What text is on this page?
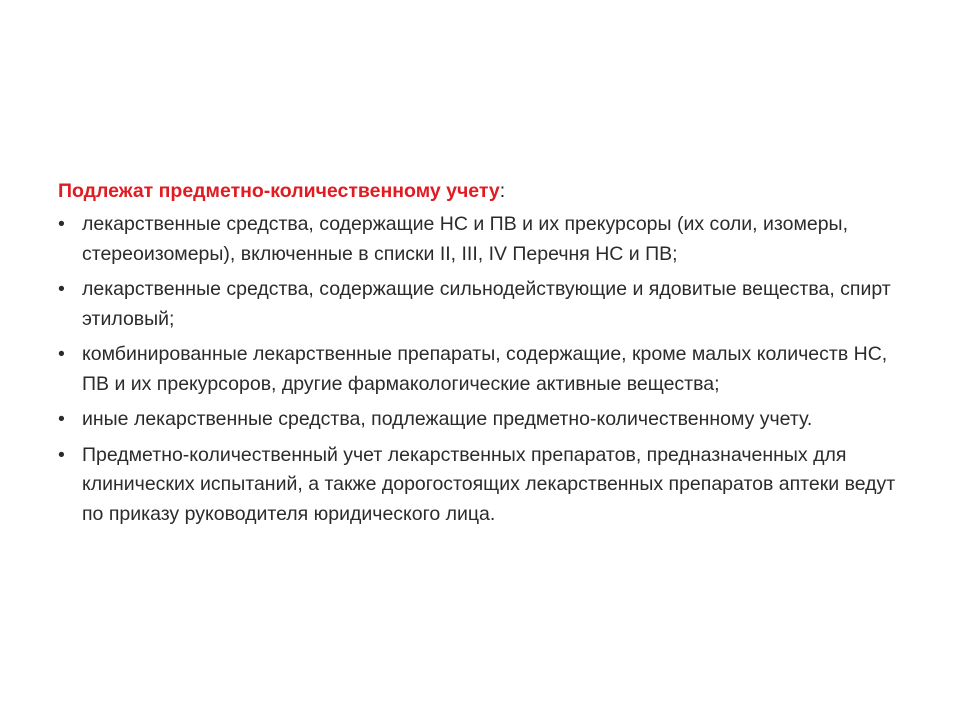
Подлежат предметно-количественному учету:

• лекарственные средства, содержащие НС и ПВ и их прекурсоры (их соли, изомеры, стереоизомеры), включенные в списки II, III, IV Перечня НС и ПВ;
• лекарственные средства, содержащие сильнодействующие и ядовитые вещества, спирт этиловый;
• комбинированные лекарственные препараты, содержащие, кроме малых количеств НС, ПВ и их прекурсоров, другие фармакологические активные вещества;
• иные лекарственные средства, подлежащие предметно-количественному учету.
• Предметно-количественный учет лекарственных препаратов, предназначенных для клинических испытаний, а также дорогостоящих лекарственных препаратов аптеки ведут по приказу руководителя юридического лица.
